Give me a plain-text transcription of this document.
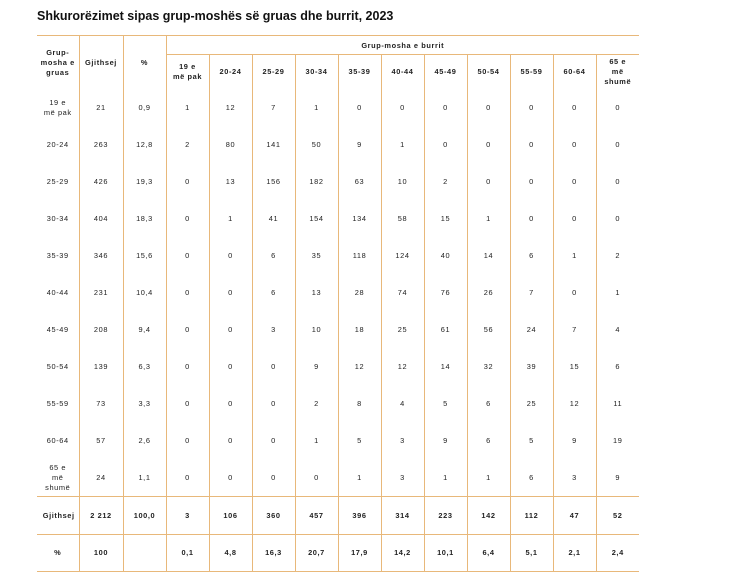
Shkurorëzimet sipas grup-moshës së gruas dhe burrit, 2023
Grup-mosha e gruas	Gjithsej	%	Grup-mosha e burrit										
			19 e më pak	20-24	25-29	30-34	35-39	40-44	45-49	50-54	55-59	60-64	65 e më shumë
19 e më pak	21	0,9	1	12	7	1	0	0	0	0	0	0	0
20-24	263	12,8	2	80	141	50	9	1	0	0	0	0	0
25-29	426	19,3	0	13	156	182	63	10	2	0	0	0	0
30-34	404	18,3	0	1	41	154	134	58	15	1	0	0	0
35-39	346	15,6	0	0	6	35	118	124	40	14	6	1	2
40-44	231	10,4	0	0	6	13	28	74	76	26	7	0	1
45-49	208	9,4	0	0	3	10	18	25	61	56	24	7	4
50-54	139	6,3	0	0	0	9	12	12	14	32	39	15	6
55-59	73	3,3	0	0	0	2	8	4	5	6	25	12	11
60-64	57	2,6	0	0	0	1	5	3	9	6	5	9	19
65 e më shumë	24	1,1	0	0	0	0	1	3	1	1	6	3	9
Gjithsej	2 212	100,0	3	106	360	457	396	314	223	142	112	47	52
%	100		0,1	4,8	16,3	20,7	17,9	14,2	10,1	6,4	5,1	2,1	2,4
